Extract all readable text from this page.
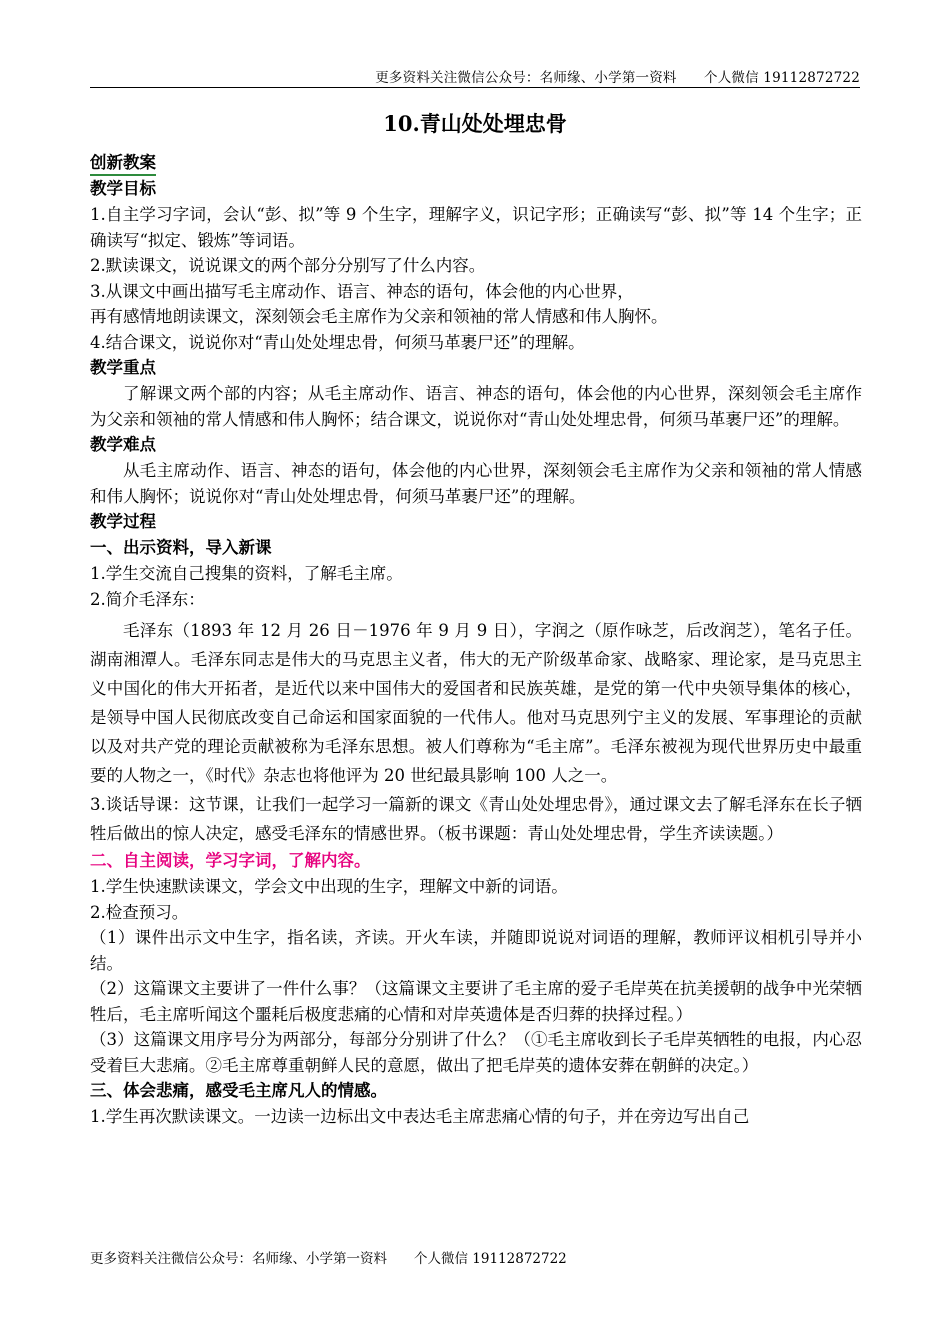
更多资料关注微信公众号：名师缘、小学第一资料　　个人微信 19112872722
10.青山处处埋忠骨

创新教案

教学目标

1.自主学习字词，会认“彭、拟”等 9 个生字，理解字义，识记字形；正确读写“彭、拟”等 14 个生字；正确读写“拟定、锻炼”等词语。

2.默读课文，说说课文的两个部分分别写了什么内容。

3.从课文中画出描写毛主席动作、语言、神态的语句，体会他的内心世界，

再有感情地朗读课文，深刻领会毛主席作为父亲和领袖的常人情感和伟人胸怀。

4.结合课文，说说你对“青山处处埋忠骨，何须马革裹尸还”的理解。

教学重点

了解课文两个部的内容；从毛主席动作、语言、神态的语句，体会他的内心世界，深刻领会毛主席作为父亲和领袖的常人情感和伟人胸怀；结合课文，说说你对“青山处处埋忠骨，何须马革裹尸还”的理解。

教学难点

从毛主席动作、语言、神态的语句，体会他的内心世界，深刻领会毛主席作为父亲和领袖的常人情感和伟人胸怀；说说你对“青山处处埋忠骨，何须马革裹尸还”的理解。

教学过程

一、出示资料，导入新课

1.学生交流自己搜集的资料，了解毛主席。

2.简介毛泽东：

毛泽东（1893 年 12 月 26 日－1976 年 9 月 9 日），字润之（原作咏芝，后改润芝），笔名子任。湖南湘潭人。毛泽东同志是伟大的马克思主义者，伟大的无产阶级革命家、战略家、理论家，是马克思主义中国化的伟大开拓者，是近代以来中国伟大的爱国者和民族英雄，是党的第一代中央领导集体的核心，是领导中国人民彻底改变自己命运和国家面貌的一代伟人。他对马克思列宁主义的发展、军事理论的贡献以及对共产党的理论贡献被称为毛泽东思想。被人们尊称为“毛主席”。毛泽东被视为现代世界历史中最重要的人物之一，《时代》杂志也将他评为 20 世纪最具影响 100 人之一。

3.谈话导课：这节课，让我们一起学习一篇新的课文《青山处处埋忠骨》，通过课文去了解毛泽东在长子牺牲后做出的惊人决定，感受毛泽东的情感世界。（板书课题：青山处处埋忠骨，学生齐读读题。）

二、自主阅读，学习字词，了解内容。

1.学生快速默读课文，学会文中出现的生字，理解文中新的词语。

2.检查预习。

（1）课件出示文中生字，指名读，齐读。开火车读，并随即说说对词语的理解，教师评议相机引导并小结。

（2）这篇课文主要讲了一件什么事？（这篇课文主要讲了毛主席的爱子毛岸英在抗美援朝的战争中光荣牺牲后，毛主席听闻这个噩耗后极度悲痛的心情和对岸英遗体是否归葬的抉择过程。）

（3）这篇课文用序号分为两部分，每部分分别讲了什么？（①毛主席收到长子毛岸英牺牲的电报，内心忍受着巨大悲痛。②毛主席尊重朝鲜人民的意愿，做出了把毛岸英的遗体安葬在朝鲜的决定。）

三、体会悲痛，感受毛主席凡人的情感。

1.学生再次默读课文。一边读一边标出文中表达毛主席悲痛心情的句子，并在旁边写出自己

更多资料关注微信公众号：名师缘、小学第一资料　　个人微信 19112872722
